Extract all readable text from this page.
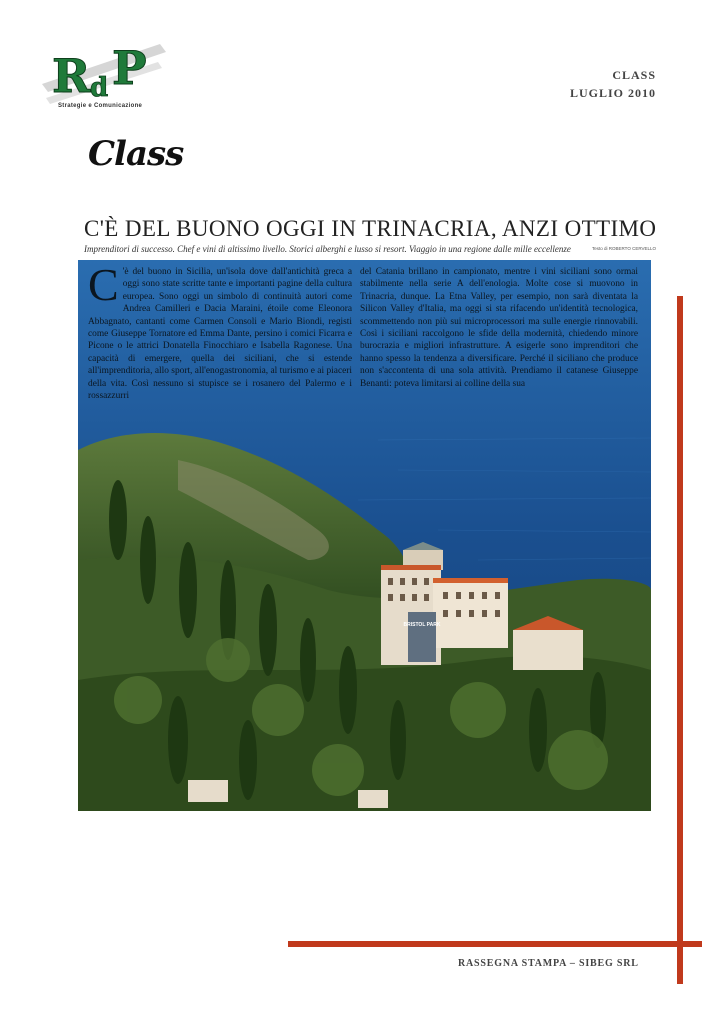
R d P
Strategie e Comunicazione
CLASS
LUGLIO 2010
Class
C'È DEL BUONO OGGI IN TRINACRIA, ANZI OTTIMO
Imprenditori di successo. Chef e vini di altissimo livello. Storici alberghi e lusso si resort. Viaggio in una regione dalle mille eccellenze	Testo di ROBERTO CERVELLO
BRISTOL PARK
C 'è del buono in Sicilia, un'isola dove dall'antichità greca a oggi sono state scritte tante e importanti pagine della cultura europea. Sono oggi un simbolo di continuità autori come Andrea Camilleri e Dacia Maraini, étoile come Eleonora Abbagnato, cantanti come Carmen Consoli e Mario Biondi, registi come Giuseppe Tornatore ed Emma Dante, persino i comici Ficarra e Picone o le attrici Donatella Finocchiaro e Isabella Ragonese. Una capacità di emergere, quella dei siciliani, che si estende all'imprenditoria, allo sport, all'enogastronomia, al turismo e ai piaceri della vita. Così nessuno si stupisce se i rosanero del Palermo e i rossazzurri
del Catania brillano in campionato, mentre i vini siciliani sono ormai stabilmente nella serie A dell'enologia. Molte cose si muovono in Trinacria, dunque. La Etna Valley, per esempio, non sarà diventata la Silicon Valley d'Italia, ma oggi si sta rifacendo un'identità tecnologica, scommettendo non più sui microprocessori ma sulle energie rinnovabili. Così i siciliani raccolgono le sfide della modernità, chiedendo minore burocrazia e migliori infrastrutture. A esigerle sono imprenditori che hanno spesso la tendenza a diversificare. Perché il siciliano che produce non s'accontenta di una sola attività. Prendiamo il catanese Giuseppe Benanti: poteva limitarsi ai colline della sua
RASSEGNA STAMPA – SIBEG SRL
